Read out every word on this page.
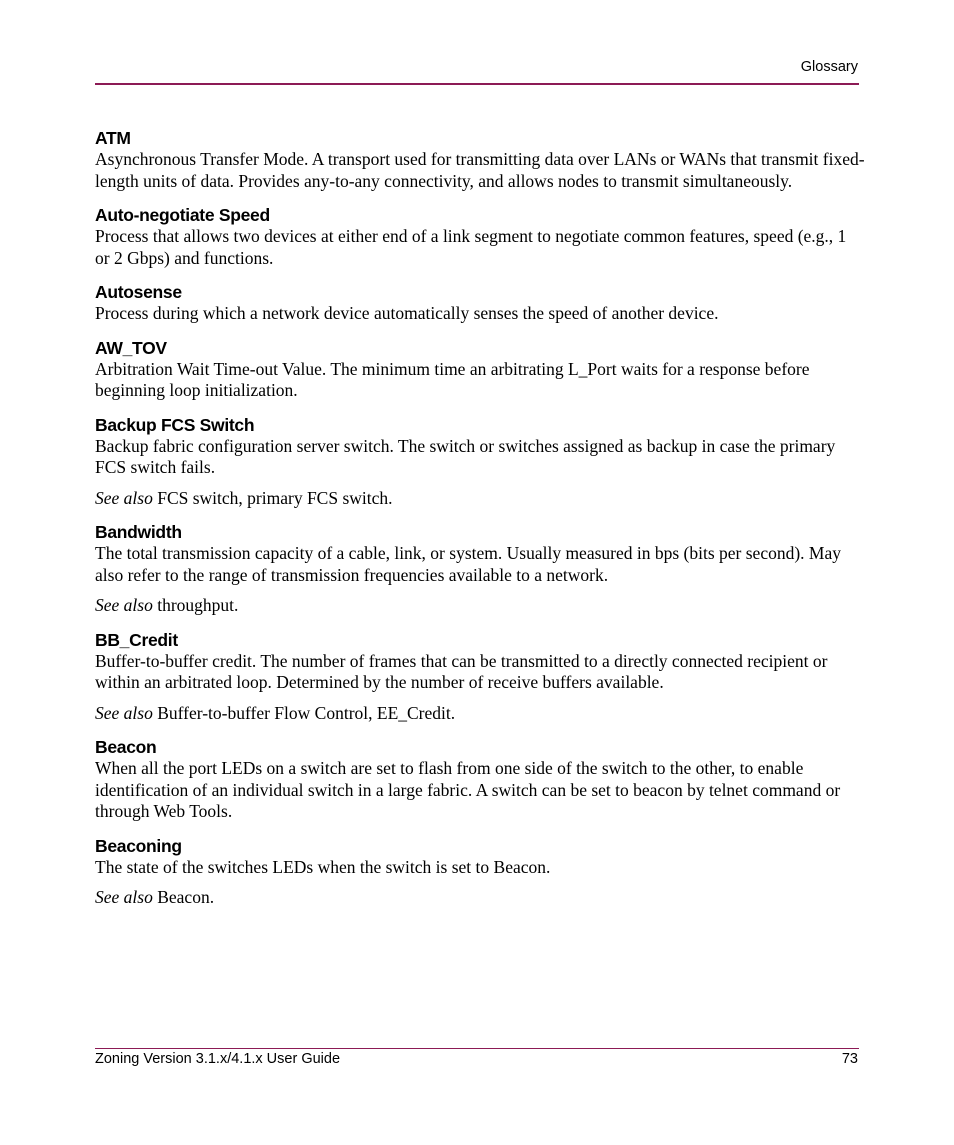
Glossary
ATM

Asynchronous Transfer Mode. A transport used for transmitting data over LANs or WANs that transmit fixed-length units of data. Provides any-to-any connectivity, and allows nodes to transmit simultaneously.

Auto-negotiate Speed

Process that allows two devices at either end of a link segment to negotiate common features, speed (e.g., 1 or 2 Gbps) and functions.

Autosense

Process during which a network device automatically senses the speed of another device.

AW_TOV

Arbitration Wait Time-out Value. The minimum time an arbitrating L_Port waits for a response before beginning loop initialization.

Backup FCS Switch

Backup fabric configuration server switch. The switch or switches assigned as backup in case the primary FCS switch fails.

See also FCS switch, primary FCS switch.

Bandwidth

The total transmission capacity of a cable, link, or system. Usually measured in bps (bits per second). May also refer to the range of transmission frequencies available to a network.

See also throughput.

BB_Credit

Buffer-to-buffer credit. The number of frames that can be transmitted to a directly connected recipient or within an arbitrated loop. Determined by the number of receive buffers available.

See also Buffer-to-buffer Flow Control, EE_Credit.

Beacon

When all the port LEDs on a switch are set to flash from one side of the switch to the other, to enable identification of an individual switch in a large fabric. A switch can be set to beacon by telnet command or through Web Tools.

Beaconing

The state of the switches LEDs when the switch is set to Beacon.

See also Beacon.

Zoning Version 3.1.x/4.1.x User Guide	73
